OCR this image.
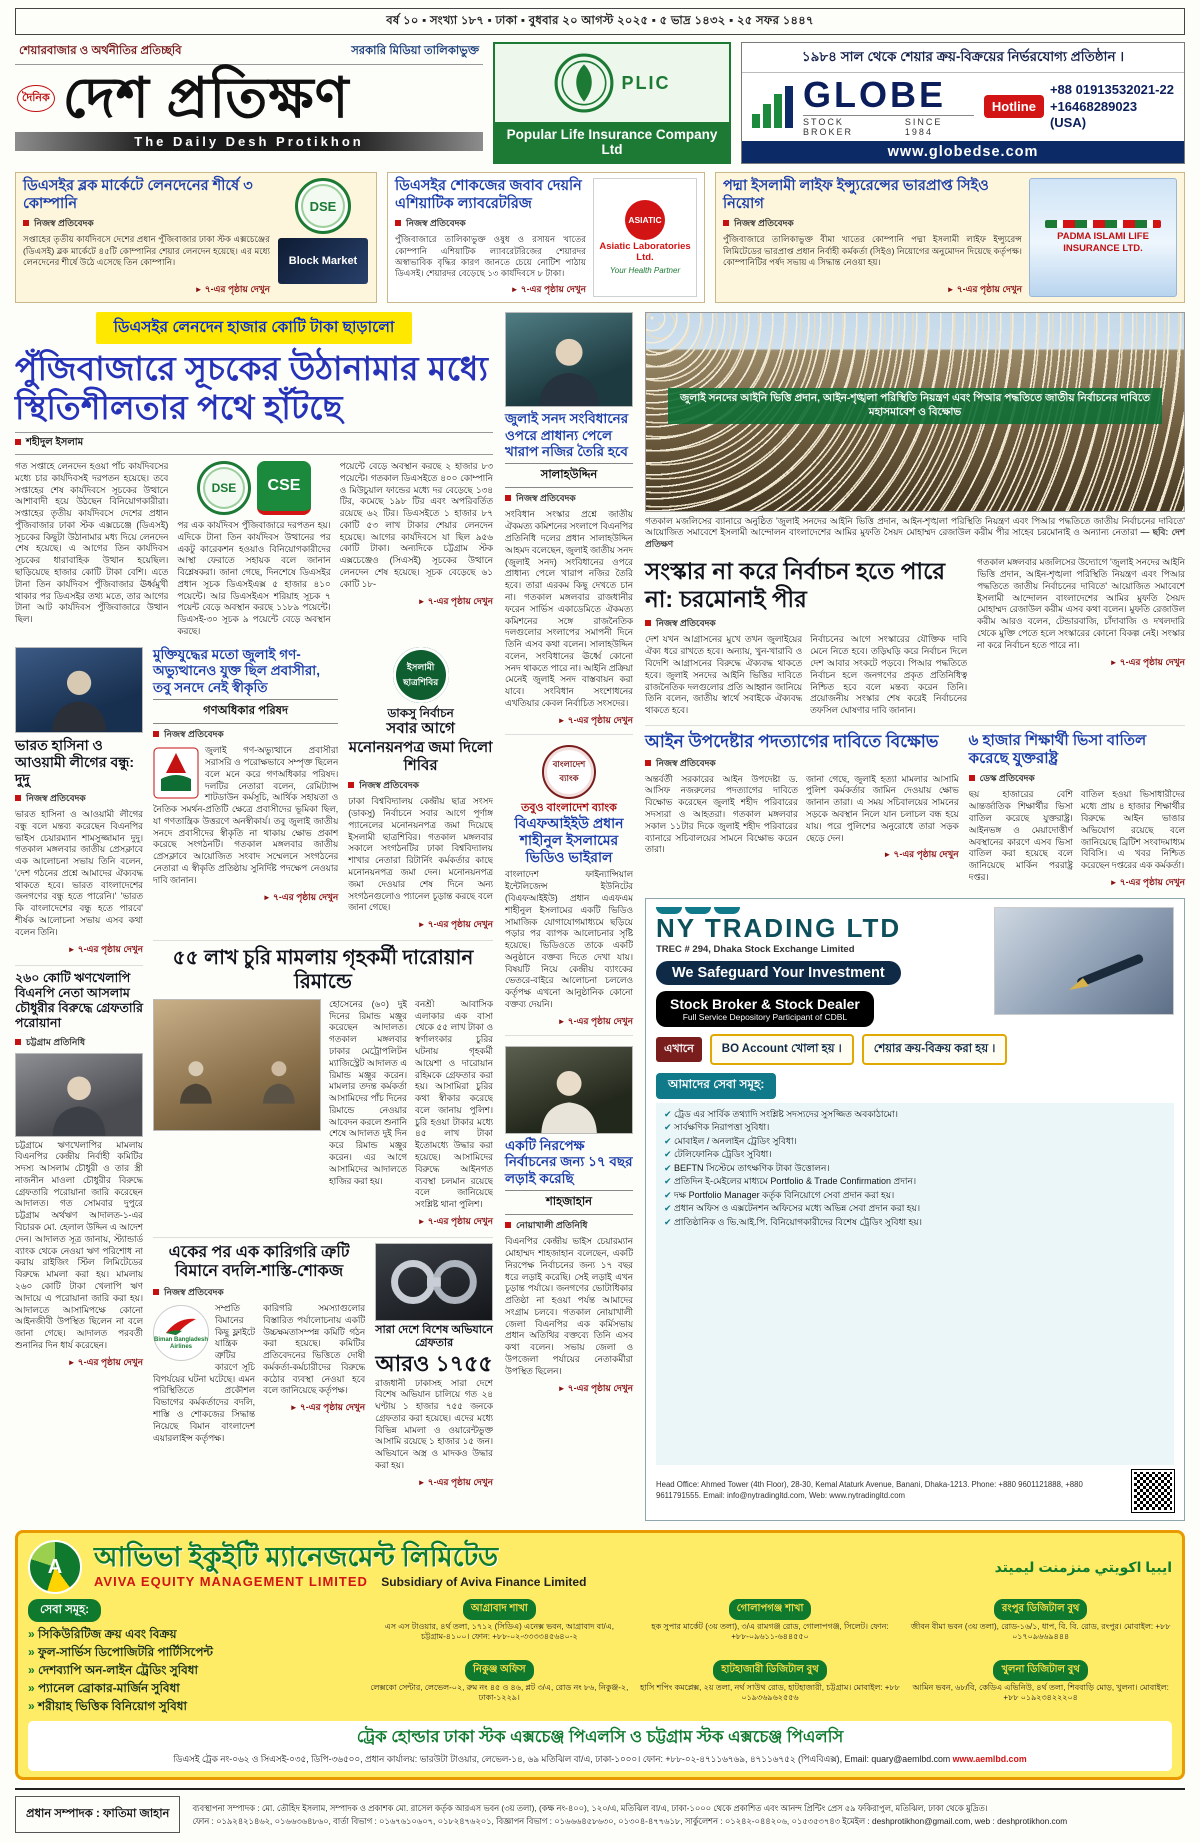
বর্ষ ১০ ▪ সংখ্যা ১৮৭ ▪ ঢাকা ▪ বুধবার ২০ আগস্ট ২০২৫ ▪ ৫ ভাদ্র ১৪৩২ ▪ ২৫ সফর ১৪৪৭
শেয়ারবাজার ও অর্থনীতির প্রতিচ্ছবি	সরকারি মিডিয়া তালিকাভুক্ত
দৈনিক দেশ প্রতিক্ষণ
The Daily Desh Protikhon
PLIC
Popular Life Insurance Company Ltd
১৯৮৪ সাল থেকে শেয়ার ক্রয়-বিক্রয়ের নির্ভরযোগ্য প্রতিষ্ঠান ।
GLOBE
STOCK BROKER
SINCE 1984
Hotline
+88 01913532021-22
+16468289023 (USA)
www.globedse.com
ডিএসইর ব্লক মার্কেটে লেনদেনের শীর্ষে ৩ কোম্পানি
নিজস্ব প্রতিবেদক
সপ্তাহের তৃতীয় কার্যদিবসে দেশের প্রধান পুঁজিবাজার ঢাকা স্টক এক্সচেঞ্জের (ডিএসই) ব্লক মার্কেটে ৪৫টি কোম্পানির শেয়ার লেনদেন হয়েছে। এর মধ্যে লেনদেনের শীর্ষে উঠে এসেছে তিন কোম্পানি।
► ৭-এর পৃষ্ঠায় দেখুন
DSE
Block Market
ডিএসইর শোকজের জবাব দেয়নি এশিয়াটিক ল্যাবরেটরিজ
নিজস্ব প্রতিবেদক
পুঁজিবাজারে তালিকাভুক্ত ওষুধ ও রসায়ন খাতের কোম্পানি এশিয়াটিক ল্যাবরেটরিজের শেয়ারদর অস্বাভাবিক বৃদ্ধির কারণ জানতে চেয়ে নোটিশ পাঠায় ডিএসই। শেয়ারদর বেড়েছে ১৩ কার্যদিবসে ৮ টাকা।
► ৭-এর পৃষ্ঠায় দেখুন
ASIATIC
Asiatic Laboratories Ltd.
Your Health Partner
পদ্মা ইসলামী লাইফ ইন্স্যুরেন্সের ভারপ্রাপ্ত সিইও নিয়োগ
নিজস্ব প্রতিবেদক
পুঁজিবাজারে তালিকাভুক্ত বীমা খাতের কোম্পানি পদ্মা ইসলামী লাইফ ইন্স্যুরেন্স লিমিটেডের ভারপ্রাপ্ত প্রধান নির্বাহী কর্মকর্তা (সিইও) নিয়োগের অনুমোদন দিয়েছে কর্তৃপক্ষ। কোম্পানিটির পর্ষদ সভায় এ সিদ্ধান্ত নেওয়া হয়।
► ৭-এর পৃষ্ঠায় দেখুন
PADMA ISLAMI LIFE INSURANCE LTD.
ডিএসইর লেনদেন হাজার কোটি টাকা ছাড়ালো
পুঁজিবাজারে সূচকের উঠানামার মধ্যে স্থিতিশীলতার পথে হাঁটছে
শহীদুল ইসলাম
গত সপ্তাহে লেনদেন হওয়া পাঁচ কার্যদিবসের মধ্যে চার কার্যদিবসই দরপতন হয়েছে। তবে সপ্তাহের শেষ কার্যদিবসে সূচকের উত্থানে আশাবাদী হয়ে উঠছেন বিনিয়োগকারীরা। সপ্তাহের তৃতীয় কার্যদিবসে দেশের প্রধান পুঁজিবাজার ঢাকা স্টক এক্সচেঞ্জে (ডিএসই) সূচকের কিছুটা উঠানামার মধ্য দিয়ে লেনদেন শেষ হয়েছে। এ আগের তিন কার্যদিবস সূচকের ধারাবাহিক উত্থান হয়েছিল। ছাড়িয়েছে হাজার কোটি টাকা বেশি। এতে টানা তিন কার্যদিবস পুঁজিবাজার ঊর্ধ্বমুখী থাকার পর ডিএসইর তথ্য মতে, তার আগের টানা আট কার্যদিবস পুঁজিবাজারে উত্থান ছিল।
DSE	CSE
পর এক কার্যদিবস পুঁজিবাজারে দরপতন হয়। এদিকে টানা তিন কার্যদিবস উত্থানের পর একটু কারেকশন হওয়াও বিনিয়োগকারীদের আস্থা ফেরাতে সহায়ক বলে জানান বিশ্লেষকরা। জানা গেছে, দিনশেষে ডিএসইর প্রধান সূচক ডিএসইএক্স ৫ হাজার ৪১০ পয়েন্টে। আর ডিএসইএস শরিয়াহ সূচক ৭ পয়েন্ট বেড়ে অবস্থান করছে ১১৮৯ পয়েন্টে। ডিএসই-৩০ সূচক ৯ পয়েন্টে বেড়ে অবস্থান করছে।
পয়েন্টে বেড়ে অবস্থান করছে ২ হাজার ৮৩ পয়েন্টে। গতকাল ডিএসইতে ৪০০ কোম্পানি ও মিউচুয়াল ফান্ডের মধ্যে দর বেড়েছে ১৩৪ টির, কমেছে ১৯৮ টির এবং অপরিবর্তিত রয়েছে ৬২ টির। ডিএসইতে ১ হাজার ৮৭ কোটি ৫৩ লাখ টাকার শেয়ার লেনদেন হয়েছে। আগের কার্যদিবসে যা ছিল ৯৫৬ কোটি টাকা। অন্যদিকে চট্টগ্রাম স্টক এক্সচেঞ্জেও (সিএসই) সূচকের উত্থানে লেনদেন শেষ হয়েছে। সূচক বেড়েছে ৬১ কোটি ১৮-
► ৭-এর পৃষ্ঠায় দেখুন
ভারত হাসিনা ও আওয়ামী লীগের বন্ধু: দুদু
নিজস্ব প্রতিবেদক
ভারত হাসিনা ও আওয়ামী লীগের বন্ধু বলে মন্তব্য করেছেন বিএনপির ভাইস চেয়ারম্যান শামসুজ্জামান দুদু। গতকাল মঙ্গলবার জাতীয় প্রেসক্লাবে এক আলোচনা সভায় তিনি বলেন, 'দেশ গঠনের প্রশ্নে আমাদের ঐক্যবদ্ধ থাকতে হবে। ভারত বাংলাদেশের জনগণের বন্ধু হতে পারেনি।' 'ভারত কি বাংলাদেশের বন্ধু হতে পারবে' শীর্ষক আলোচনা সভায় এসব কথা বলেন তিনি।
► ৭-এর পৃষ্ঠায় দেখুন
২৬০ কোটি ঋণখেলাপি বিএনপি নেতা আসলাম চৌধুরীর বিরুদ্ধে গ্রেফতারি পরোয়ানা
চট্টগ্রাম প্রতিনিধি
চট্টগ্রামে ঋণখেলাপির মামলায় বিএনপির কেন্দ্রীয় নির্বাহী কমিটির সদস্য আসলাম চৌধুরী ও তার স্ত্রী নাজনীন মাওলা চৌধুরীর বিরুদ্ধে গ্রেফতারি পরোয়ানা জারি করেছেন আদালত। গত সোমবার দুপুরে চট্টগ্রাম অর্থঋণ আদালত-১-এর বিচারক মো. হেলাল উদ্দিন এ আদেশ দেন। আদালত সূত্র জানায়, স্ট্যান্ডার্ড ব্যাংক থেকে নেওয়া ঋণ পরিশোধ না করায় রাইজিং স্টিল লিমিটেডের বিরুদ্ধে মামলা করা হয়। মামলায় ২৬০ কোটি টাকা খেলাপি ঋণ আদায়ে এ পরোয়ানা জারি করা হয়। আদালতে আসামিপক্ষে কোনো আইনজীবী উপস্থিত ছিলেন না বলে জানা গেছে। আদালত পরবর্তী শুনানির দিন ধার্য করেছেন।
► ৭-এর পৃষ্ঠায় দেখুন
মুক্তিযুদ্ধের মতো জুলাই গণ-অভ্যুত্থানেও যুক্ত ছিল প্রবাসীরা, তবু সনদে নেই স্বীকৃতি
গণঅধিকার পরিষদ
নিজস্ব প্রতিবেদক
জুলাই গণ-অভ্যুত্থানে প্রবাসীরা সরাসরি ও পরোক্ষভাবে সম্পৃক্ত ছিলেন বলে মনে করে গণঅধিকার পরিষদ। দলটির নেতারা বলেন, রেমিট্যান্স শাটডাউন কর্মসূচি, আর্থিক সহায়তা ও নৈতিক সমর্থন-প্রতিটি ক্ষেত্রে প্রবাসীদের ভূমিকা ছিল, যা গণতান্ত্রিক উত্তরণে অনস্বীকার্য। তবু জুলাই জাতীয় সনদে প্রবাসীদের স্বীকৃতি না থাকায় ক্ষোভ প্রকাশ করেছে সংগঠনটি। গতকাল মঙ্গলবার জাতীয় প্রেসক্লাবে আয়োজিত সংবাদ সম্মেলনে সংগঠনের নেতারা এ স্বীকৃতি প্রতিষ্ঠায় সুনির্দিষ্ট পদক্ষেপ নেওয়ার দাবি জানান।
► ৭-এর পৃষ্ঠায় দেখুন
ইসলামী ছাত্রশিবির
ডাকসু নির্বাচন
সবার আগে মনোনয়নপত্র জমা দিলো শিবির
নিজস্ব প্রতিবেদক
ঢাকা বিশ্ববিদ্যালয় কেন্দ্রীয় ছাত্র সংসদ (ডাকসু) নির্বাচনে সবার আগে পূর্ণাঙ্গ প্যানেলের মনোনয়নপত্র জমা দিয়েছে ইসলামী ছাত্রশিবির। গতকাল মঙ্গলবার সকালে সংগঠনটির ঢাকা বিশ্ববিদ্যালয় শাখার নেতারা রিটার্নিং কর্মকর্তার কাছে মনোনয়নপত্র জমা দেন। মনোনয়নপত্র জমা দেওয়ার শেষ দিনে অন্য সংগঠনগুলোও প্যানেল চূড়ান্ত করছে বলে জানা গেছে।
► ৭-এর পৃষ্ঠায় দেখুন
৫৫ লাখ চুরি মামলায় গৃহকর্মী দারোয়ান রিমান্ডে
হোসেনের (৬০) দুই দিনের রিমান্ড মঞ্জুর করেছেন আদালত। গতকাল মঙ্গলবার ঢাকার মেট্রোপলিটন ম্যাজিস্ট্রেট আদালত এ রিমান্ড মঞ্জুর করেন। মামলার তদন্ত কর্মকর্তা আসামিদের পাঁচ দিনের রিমান্ডে নেওয়ার আবেদন করলে শুনানি শেষে আদালত দুই দিন করে রিমান্ড মঞ্জুর করেন। এর আগে আসামিদের আদালতে হাজির করা হয়।
বনশ্রী আবাসিক এলাকার এক বাসা থেকে ৫৫ লাখ টাকা ও স্বর্ণালংকার চুরির ঘটনায় গৃহকর্মী আয়েশা ও দারোয়ান রহিমকে গ্রেফতার করা হয়। আসামিরা চুরির কথা স্বীকার করেছে বলে জানায় পুলিশ। চুরি হওয়া টাকার মধ্যে ৪৫ লাখ টাকা ইতোমধ্যে উদ্ধার করা হয়েছে। আসামিদের বিরুদ্ধে আইনগত ব্যবস্থা চলমান রয়েছে বলে জানিয়েছে সংশ্লিষ্ট থানা পুলিশ।
► ৭-এর পৃষ্ঠায় দেখুন
একের পর এক কারিগরি ত্রুটি বিমানে বদলি-শাস্তি-শোকজ
নিজস্ব প্রতিবেদক
Biman Bangladesh Airlines
সম্প্রতি বিমানের কিছু ফ্লাইটে যান্ত্রিক ত্রুটির কারণে সূচি বিপর্যয়ের ঘটনা ঘটেছে। এমন পরিস্থিতিতে প্রকৌশল বিভাগের কর্মকর্তাদের বদলি, শাস্তি ও শোকজের সিদ্ধান্ত নিয়েছে বিমান বাংলাদেশ এয়ারলাইন্স কর্তৃপক্ষ।
কারিগরি সমস্যাগুলোর বিস্তারিত পর্যালোচনায় একটি উচ্চক্ষমতাসম্পন্ন কমিটি গঠন করা হয়েছে। কমিটির প্রতিবেদনের ভিত্তিতে দোষী কর্মকর্তা-কর্মচারীদের বিরুদ্ধে কঠোর ব্যবস্থা নেওয়া হবে বলে জানিয়েছে কর্তৃপক্ষ।
► ৭-এর পৃষ্ঠায় দেখুন
সারা দেশে বিশেষ অভিযানে গ্রেফতার
আরও ১৭৫৫
রাজধানী ঢাকাসহ সারা দেশে বিশেষ অভিযান চালিয়ে গত ২৪ ঘণ্টায় ১ হাজার ৭৫৫ জনকে গ্রেফতার করা হয়েছে। এদের মধ্যে বিভিন্ন মামলা ও ওয়ারেন্টভুক্ত আসামি রয়েছে ১ হাজার ১৫ জন। অভিযানে অস্ত্র ও মাদকও উদ্ধার করা হয়।
► ৭-এর পৃষ্ঠায় দেখুন
জুলাই সনদ সংবিধানের ওপরে প্রাধান্য পেলে খারাপ নজির তৈরি হবে
সালাহউদ্দিন
নিজস্ব প্রতিবেদক
সংবিধান সংস্কার প্রশ্নে জাতীয় ঐকমত্য কমিশনের সংলাপে বিএনপির প্রতিনিধি দলের প্রধান সালাহউদ্দিন আহমদ বলেছেন, জুলাই জাতীয় সনদ (জুলাই সনদ) সংবিধানের ওপরে প্রাধান্য পেলে খারাপ নজির তৈরি হবে। তারা এরকম কিছু দেখতে চান না। গতকাল মঙ্গলবার রাজধানীর ফরেন সার্ভিস একাডেমিতে ঐকমত্য কমিশনের সঙ্গে রাজনৈতিক দলগুলোর সংলাপের সমাপনী দিনে তিনি এসব কথা বলেন। সালাহউদ্দিন বলেন, সংবিধানের ঊর্ধ্বে কোনো সনদ থাকতে পারে না। আইনি প্রক্রিয়া মেনেই জুলাই সনদ বাস্তবায়ন করা যাবে। সংবিধান সংশোধনের এখতিয়ার কেবল নির্বাচিত সংসদের।
► ৭-এর পৃষ্ঠায় দেখুন
বাংলাদেশ ব্যাংক
তবুও বাংলাদেশ ব্যাংক
বিএফআইইউ প্রধান শাহীনুল ইসলামের ভিডিও ভাইরাল
বাংলাদেশ ফাইন্যান্সিয়াল ইন্টেলিজেন্স ইউনিটের (বিএফআইইউ) প্রধান এএফএম শাহীনুল ইসলামের একটি ভিডিও সামাজিক যোগাযোগমাধ্যমে ছড়িয়ে পড়ার পর ব্যাপক আলোচনার সৃষ্টি হয়েছে। ভিডিওতে তাকে একটি অনুষ্ঠানে বক্তব্য দিতে দেখা যায়। বিষয়টি নিয়ে কেন্দ্রীয় ব্যাংকের ভেতরে-বাইরে আলোচনা চললেও কর্তৃপক্ষ এখনো আনুষ্ঠানিক কোনো বক্তব্য দেয়নি।
► ৭-এর পৃষ্ঠায় দেখুন
একটি নিরপেক্ষ নির্বাচনের জন্য ১৭ বছর লড়াই করেছি
শাহজাহান
নোয়াখালী প্রতিনিধি
বিএনপির কেন্দ্রীয় ভাইস চেয়ারম্যান মোহাম্মদ শাহজাহান বলেছেন, একটি নিরপেক্ষ নির্বাচনের জন্য ১৭ বছর ধরে লড়াই করেছি। সেই লড়াই এখন চূড়ান্ত পর্যায়ে। জনগণের ভোটাধিকার প্রতিষ্ঠা না হওয়া পর্যন্ত আমাদের সংগ্রাম চলবে। গতকাল নোয়াখালী জেলা বিএনপির এক কর্মিসভায় প্রধান অতিথির বক্তব্যে তিনি এসব কথা বলেন। সভায় জেলা ও উপজেলা পর্যায়ের নেতাকর্মীরা উপস্থিত ছিলেন।
► ৭-এর পৃষ্ঠায় দেখুন
জুলাই সনদের আইনি ভিত্তি প্রদান, আইন-শৃঙ্খলা পরিস্থিতি নিয়ন্ত্রণ এবং পিআর পদ্ধতিতে জাতীয় নির্বাচনের দাবিতে মহাসমাবেশ ও বিক্ষোভ
গতকাল মজলিসের ব্যানারে অনুষ্ঠিত 'জুলাই সনদের আইনি ভিত্তি প্রদান, আইন-শৃঙ্খলা পরিস্থিতি নিয়ন্ত্রণ এবং পিআর পদ্ধতিতে জাতীয় নির্বাচনের দাবিতে' আয়োজিত সমাবেশে ইসলামী আন্দোলন বাংলাদেশের আমির মুফতি সৈয়দ মোহাম্মদ রেজাউল করীম পীর সাহেব চরমোনাই ও অন্যান্য নেতারা — ছবি: দেশ প্রতিক্ষণ
সংস্কার না করে নির্বাচন হতে পারে না: চরমোনাই পীর
নিজস্ব প্রতিবেদক
দেশ যখন আগ্রাসনের মুখে তখন জুলাইয়ের ঐক্য ধরে রাখতে হবে। অন্যায়, খুন-খারাবি ও বিদেশি আগ্রাসনের বিরুদ্ধে ঐক্যবদ্ধ থাকতে হবে। জুলাই সনদের আইনি ভিত্তির দাবিতে রাজনৈতিক দলগুলোর প্রতি আহ্বান জানিয়ে তিনি বলেন, জাতীয় স্বার্থে সবাইকে ঐক্যবদ্ধ থাকতে হবে।
নির্বাচনের আগে সংস্কারের যৌক্তিক দাবি মেনে নিতে হবে। তড়িঘড়ি করে নির্বাচন দিলে দেশ আবার সংকটে পড়বে। পিআর পদ্ধতিতে নির্বাচন হলে জনগণের প্রকৃত প্রতিনিধিত্ব নিশ্চিত হবে বলে মন্তব্য করেন তিনি। প্রয়োজনীয় সংস্কার শেষ করেই নির্বাচনের তফসিল ঘোষণার দাবি জানান।
গতকাল মঙ্গলবার মজলিসের উদ্যোগে 'জুলাই সনদের আইনি ভিত্তি প্রদান, আইন-শৃঙ্খলা পরিস্থিতি নিয়ন্ত্রণ এবং পিআর পদ্ধতিতে জাতীয় নির্বাচনের দাবিতে' আয়োজিত সমাবেশে ইসলামী আন্দোলন বাংলাদেশের আমির মুফতি সৈয়দ মোহাম্মদ রেজাউল করীম এসব কথা বলেন। মুফতি রেজাউল করীম আরও বলেন, টেন্ডারবাজি, চাঁদাবাজি ও দখলদারি থেকে মুক্তি পেতে হলে সংস্কারের কোনো বিকল্প নেই। সংস্কার না করে নির্বাচন হতে পারে না।
► ৭-এর পৃষ্ঠায় দেখুন
আইন উপদেষ্টার পদত্যাগের দাবিতে বিক্ষোভ
নিজস্ব প্রতিবেদক
অন্তর্বর্তী সরকারের আইন উপদেষ্টা ড. আসিফ নজরুলের পদত্যাগের দাবিতে বিক্ষোভ করেছেন জুলাই শহীদ পরিবারের সদস্যরা ও আহতরা। গতকাল মঙ্গলবার সকাল ১১টার দিকে জুলাই শহীদ পরিবারের ব্যানারে সচিবালয়ের সামনে বিক্ষোভ করেন তারা।
জানা গেছে, জুলাই হত্যা মামলার আসামি পুলিশ কর্মকর্তার জামিন দেওয়ায় ক্ষোভ জানান তারা। এ সময় সচিবালয়ের সামনের সড়কে অবস্থান নিলে যান চলাচল বন্ধ হয়ে যায়। পরে পুলিশের অনুরোধে তারা সড়ক ছেড়ে দেন।
► ৭-এর পৃষ্ঠায় দেখুন
৬ হাজার শিক্ষার্থী ভিসা বাতিল করেছে যুক্তরাষ্ট্র
ডেস্ক প্রতিবেদক
ছয় হাজারের বেশি আন্তর্জাতিক শিক্ষার্থীর ভিসা বাতিল করেছে যুক্তরাষ্ট্র। আইনভঙ্গ ও মেয়াদোত্তীর্ণ অবস্থানের কারণে এসব ভিসা বাতিল করা হয়েছে বলে জানিয়েছে মার্কিন পররাষ্ট্র দপ্তর।
বাতিল হওয়া ভিসাধারীদের মধ্যে প্রায় ৪ হাজার শিক্ষার্থীর বিরুদ্ধে আইন ভাঙার অভিযোগ রয়েছে বলে জানিয়েছে ব্রিটিশ সংবাদমাধ্যম বিবিসি। এ খবর নিশ্চিত করেছেন দপ্তরের এক কর্মকর্তা।
► ৭-এর পৃষ্ঠায় দেখুন
NY TRADING LTD
TREC # 294, Dhaka Stock Exchange Limited
We Safeguard Your Investment
Stock Broker & Stock Dealer
Full Service Depository Participant of CDBL
এখানে	BO Account খোলা হয় ।	শেয়ার ক্রয়-বিক্রয় করা হয় ।
আমাদের সেবা সমূহ:
✔ ট্রেড এর সার্বিক তথ্যাদি সংশ্লিষ্ট সদস্যদের সুসজ্জিত অবকাঠামো।
✔ সার্বক্ষণিক নিরাপত্তা সুবিধা।
✔ মোবাইল / অনলাইন ট্রেডিং সুবিধা।
✔ টেলিফোনিক ট্রেডিং সুবিধা।
✔ BEFTN সিস্টেমে তাৎক্ষণিক টাকা উত্তোলন।
✔ প্রতিদিন ই-মেইলের মাধ্যমে Portfolio & Trade Confirmation প্রদান।
✔ দক্ষ Portfolio Manager কর্তৃক বিনিয়োগে সেবা প্রদান করা হয়।
✔ প্রধান অফিস ও এক্সটেনশন অফিসের মধ্যে অভিন্ন সেবা প্রদান করা হয়।
✔ প্রাতিষ্ঠানিক ও ভি.আই.পি. বিনিয়োগকারীদের বিশেষ ট্রেডিং সুবিধা হয়।
Head Office: Ahmed Tower (4th Floor), 28-30, Kemal Ataturk Avenue, Banani, Dhaka-1213. Phone: +880 9601121888, +880 9611791555. Email: info@nytradingltd.com, Web: www.nytradingltd.com
A	আভিভা ইকুইটি ম্যানেজমেন্ট লিমিটেড
AVIVA EQUITY MANAGEMENT LIMITED Subsidiary of Aviva Finance Limited
ايبيا اكويتي منزمنت ليميتد
সেবা সমূহ:
» সিকিউরিটিজ ক্রয় এবং বিক্রয়
» ফুল-সার্ভিস ডিপোজিটরি পার্টিসিপেন্ট
» দেশব্যাপি অন-লাইন ট্রেডিং সুবিধা
» প্যানেল ব্রোকার-মার্জিন সুবিধা
» শরীয়াহ ভিত্তিক বিনিয়োগ সুবিধা
আগ্রাবাদ শাখা
এস এস টাওয়ার, ৪র্থ তলা, ১৭১২ (সিডিএ) এনেক্স ভবন, আগ্রাবাদ বা/এ, চট্টগ্রাম-৪১০০। ফোন: +৮৮-০২-৩৩৩৩৪৫৬৪০-২
গোলাপগঞ্জ শাখা
হক সুপার মার্কেট (৩য় তলা), ৩/এ রামগঞ্জ রোড, গোলাপগঞ্জ, সিলেট। ফোন: +৮৮-০৯৬১১-৬৪৪৫৫০
রংপুর ডিজিটাল বুথ
জীবন বীমা ভবন (৩য় তলা), রোড-১৬/১, ধাপ, বি. বি. রোড, রংপুর। মোবাইল: +৮৮ ০১৭০৯৬৬৯৪৪৪
নিকুঞ্জ অফিস
লেক্সকো সেন্টার, লেভেল-০২, রুম নং ৪৫ ও ৪৬, প্লট ৩/এ, রোড নং ৮৬, নিকুঞ্জ-২, ঢাকা-১২২৯।
হাটহাজারী ডিজিটাল বুথ
হাসি শপিং কমপ্লেক্স, ২য় তলা, নর্থ সাউথ রোড, হাটহাজারী, চট্টগ্রাম। মোবাইল: +৮৮ ০১৯৩৬৯৬২৫৫৬
খুলনা ডিজিটাল বুথ
আমিন ভবন, ৬৮/বি, কেডিএ এভিনিউ, ৪র্থ তলা, শিববাড়ি মোড়, খুলনা। মোবাইল: +৮৮ ০১৯২৩৪২২২০৪
ট্রেক হোল্ডার ঢাকা স্টক এক্সচেঞ্জ পিএলসি ও চট্টগ্রাম স্টক এক্সচেঞ্জ পিএলসি
ডিএসই ট্রেক নং-০৬২ ও সিএসই-০৩৫, ডিপি-৩৬৫০০, প্রধান কার্যালয়: ভারউটা টাওয়ার, লেভেল-১৪, ৬৯ মতিঝিল বা/এ, ঢাকা-১০০০। ফোন: +৮৮-০২-৪৭১১৬৭৬৯, ৪৭১১৬৭৫২ (পিএবিএক্স), Email: quary@aemlbd.com www.aemlbd.com
প্রধান সম্পাদক : ফাতিমা জাহান	ব্যবস্থাপনা সম্পাদক : মো. তৌহিদ ইসলাম, সম্পাদক ও প্রকাশক মো. রাসেল কর্তৃক আরএস ভবন (৩য় তলা), (কক্ষ নং-৪০০), ১২০/এ, মতিঝিল বা/এ, ঢাকা-১০০০ থেকে প্রকাশিত এবং আনন্দ প্রিন্টিং প্রেস ৫৯ ফকিরাপুল, মতিঝিল, ঢাকা থেকে মুদ্রিত।
ফোন : ০১৯২৪২১৪৬২, ০১৬৬৩৬৪৮৬০, বার্তা বিভাগ : ০১৬৭৬১০৬০৭, ০১৮২৪৭৬২০১, বিজ্ঞাপন বিভাগ : ০১৬৬৬৪৫৮৬৩০, ০১৩০৪-৪৭৭৬১৮, সার্কুলেশন : ০১২৪২-০৪৪২০৬, ০১৫৩৫৩৭৪৩ ইমেইল : deshprotikhon@gmail.com, web : deshprotikhon.com
